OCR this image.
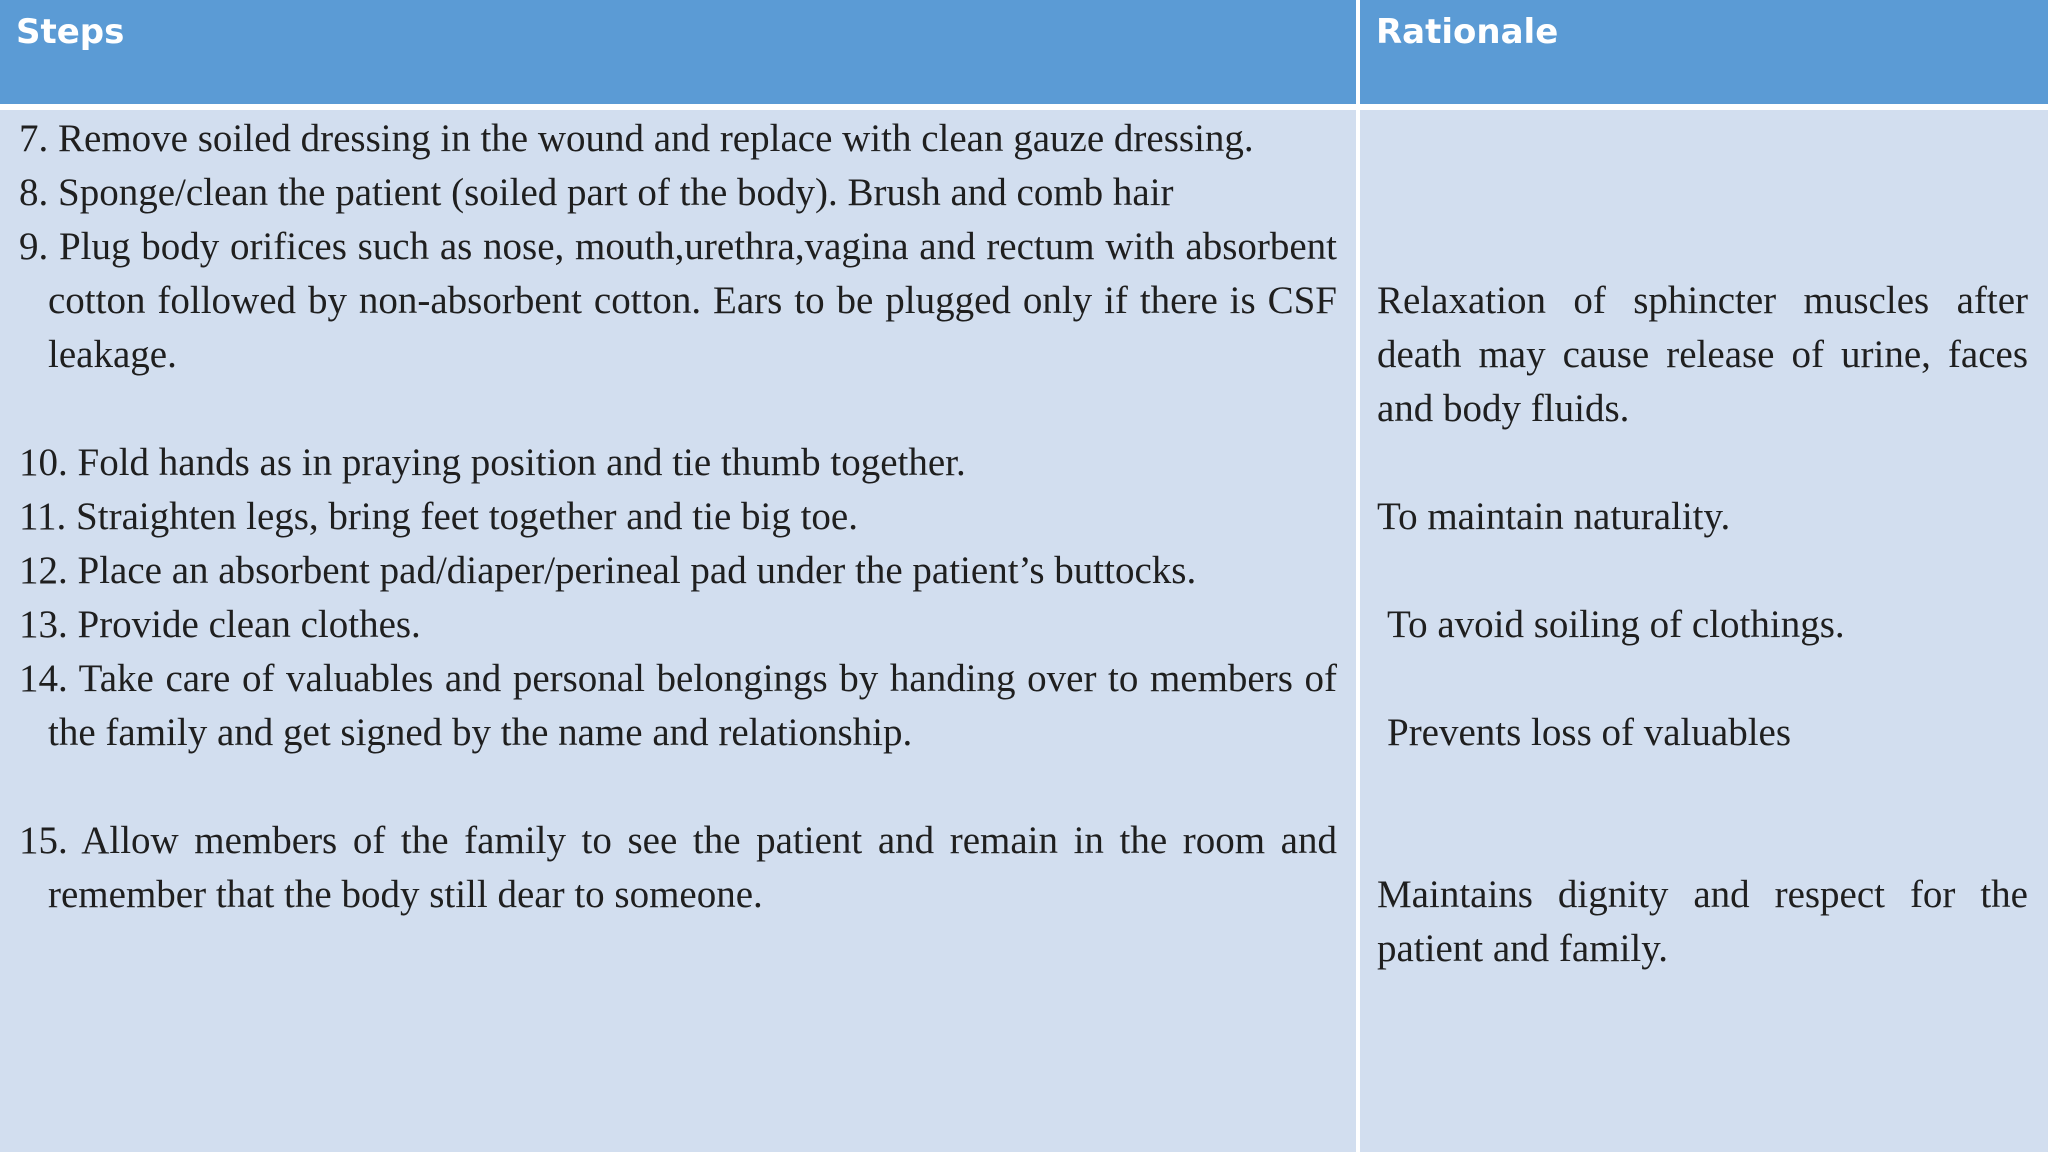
Steps	Rationale

7. Remove soiled dressing in the wound and replace with clean gauze dressing.

8. Sponge/clean the patient (soiled part of the body). Brush and comb hair

9. Plug body orifices such as nose, mouth,urethra,vagina and rectum with absorbent cotton followed by non-absorbent cotton. Ears to be plugged only if there is CSF leakage.

10. Fold hands as in praying position and tie thumb together.

11. Straighten legs, bring feet together and tie big toe.

12. Place an absorbent pad/diaper/perineal pad under the patient’s buttocks.

13. Provide clean clothes.

14. Take care of valuables and personal belongings by handing over to members of the family and get signed by the name and relationship.

15. Allow members of the family to see the patient and remain in the room and remember that the body still dear to someone.

Relaxation of sphincter muscles after death may cause release of urine, faces and body fluids.

To maintain naturality.

To avoid soiling of clothings.

Prevents loss of valuables

Maintains dignity and respect for the patient and family.
